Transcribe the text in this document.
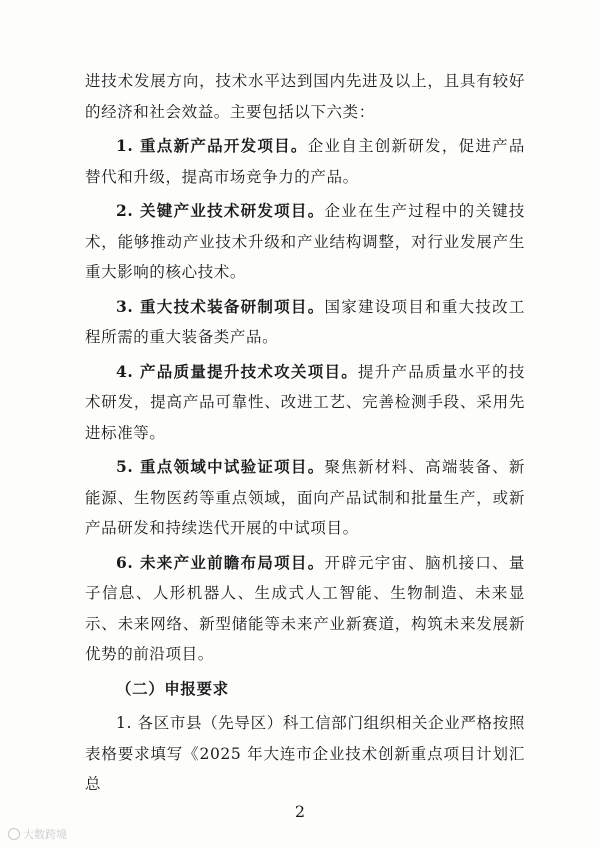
进技术发展方向，技术水平达到国内先进及以上，且具有较好的经济和社会效益。主要包括以下六类：

1. 重点新产品开发项目。企业自主创新研发，促进产品替代和升级，提高市场竞争力的产品。

2. 关键产业技术研发项目。企业在生产过程中的关键技术，能够推动产业技术升级和产业结构调整，对行业发展产生重大影响的核心技术。

3. 重大技术装备研制项目。国家建设项目和重大技改工程所需的重大装备类产品。

4. 产品质量提升技术攻关项目。提升产品质量水平的技术研发，提高产品可靠性、改进工艺、完善检测手段、采用先进标准等。

5. 重点领域中试验证项目。聚焦新材料、高端装备、新能源、生物医药等重点领域，面向产品试制和批量生产，或新产品研发和持续迭代开展的中试项目。

6. 未来产业前瞻布局项目。开辟元宇宙、脑机接口、量子信息、人形机器人、生成式人工智能、生物制造、未来显示、未来网络、新型储能等未来产业新赛道，构筑未来发展新优势的前沿项目。

（二）申报要求

1. 各区市县（先导区）科工信部门组织相关企业严格按照表格要求填写《2025 年大连市企业技术创新重点项目计划汇总

2
大数跨境
